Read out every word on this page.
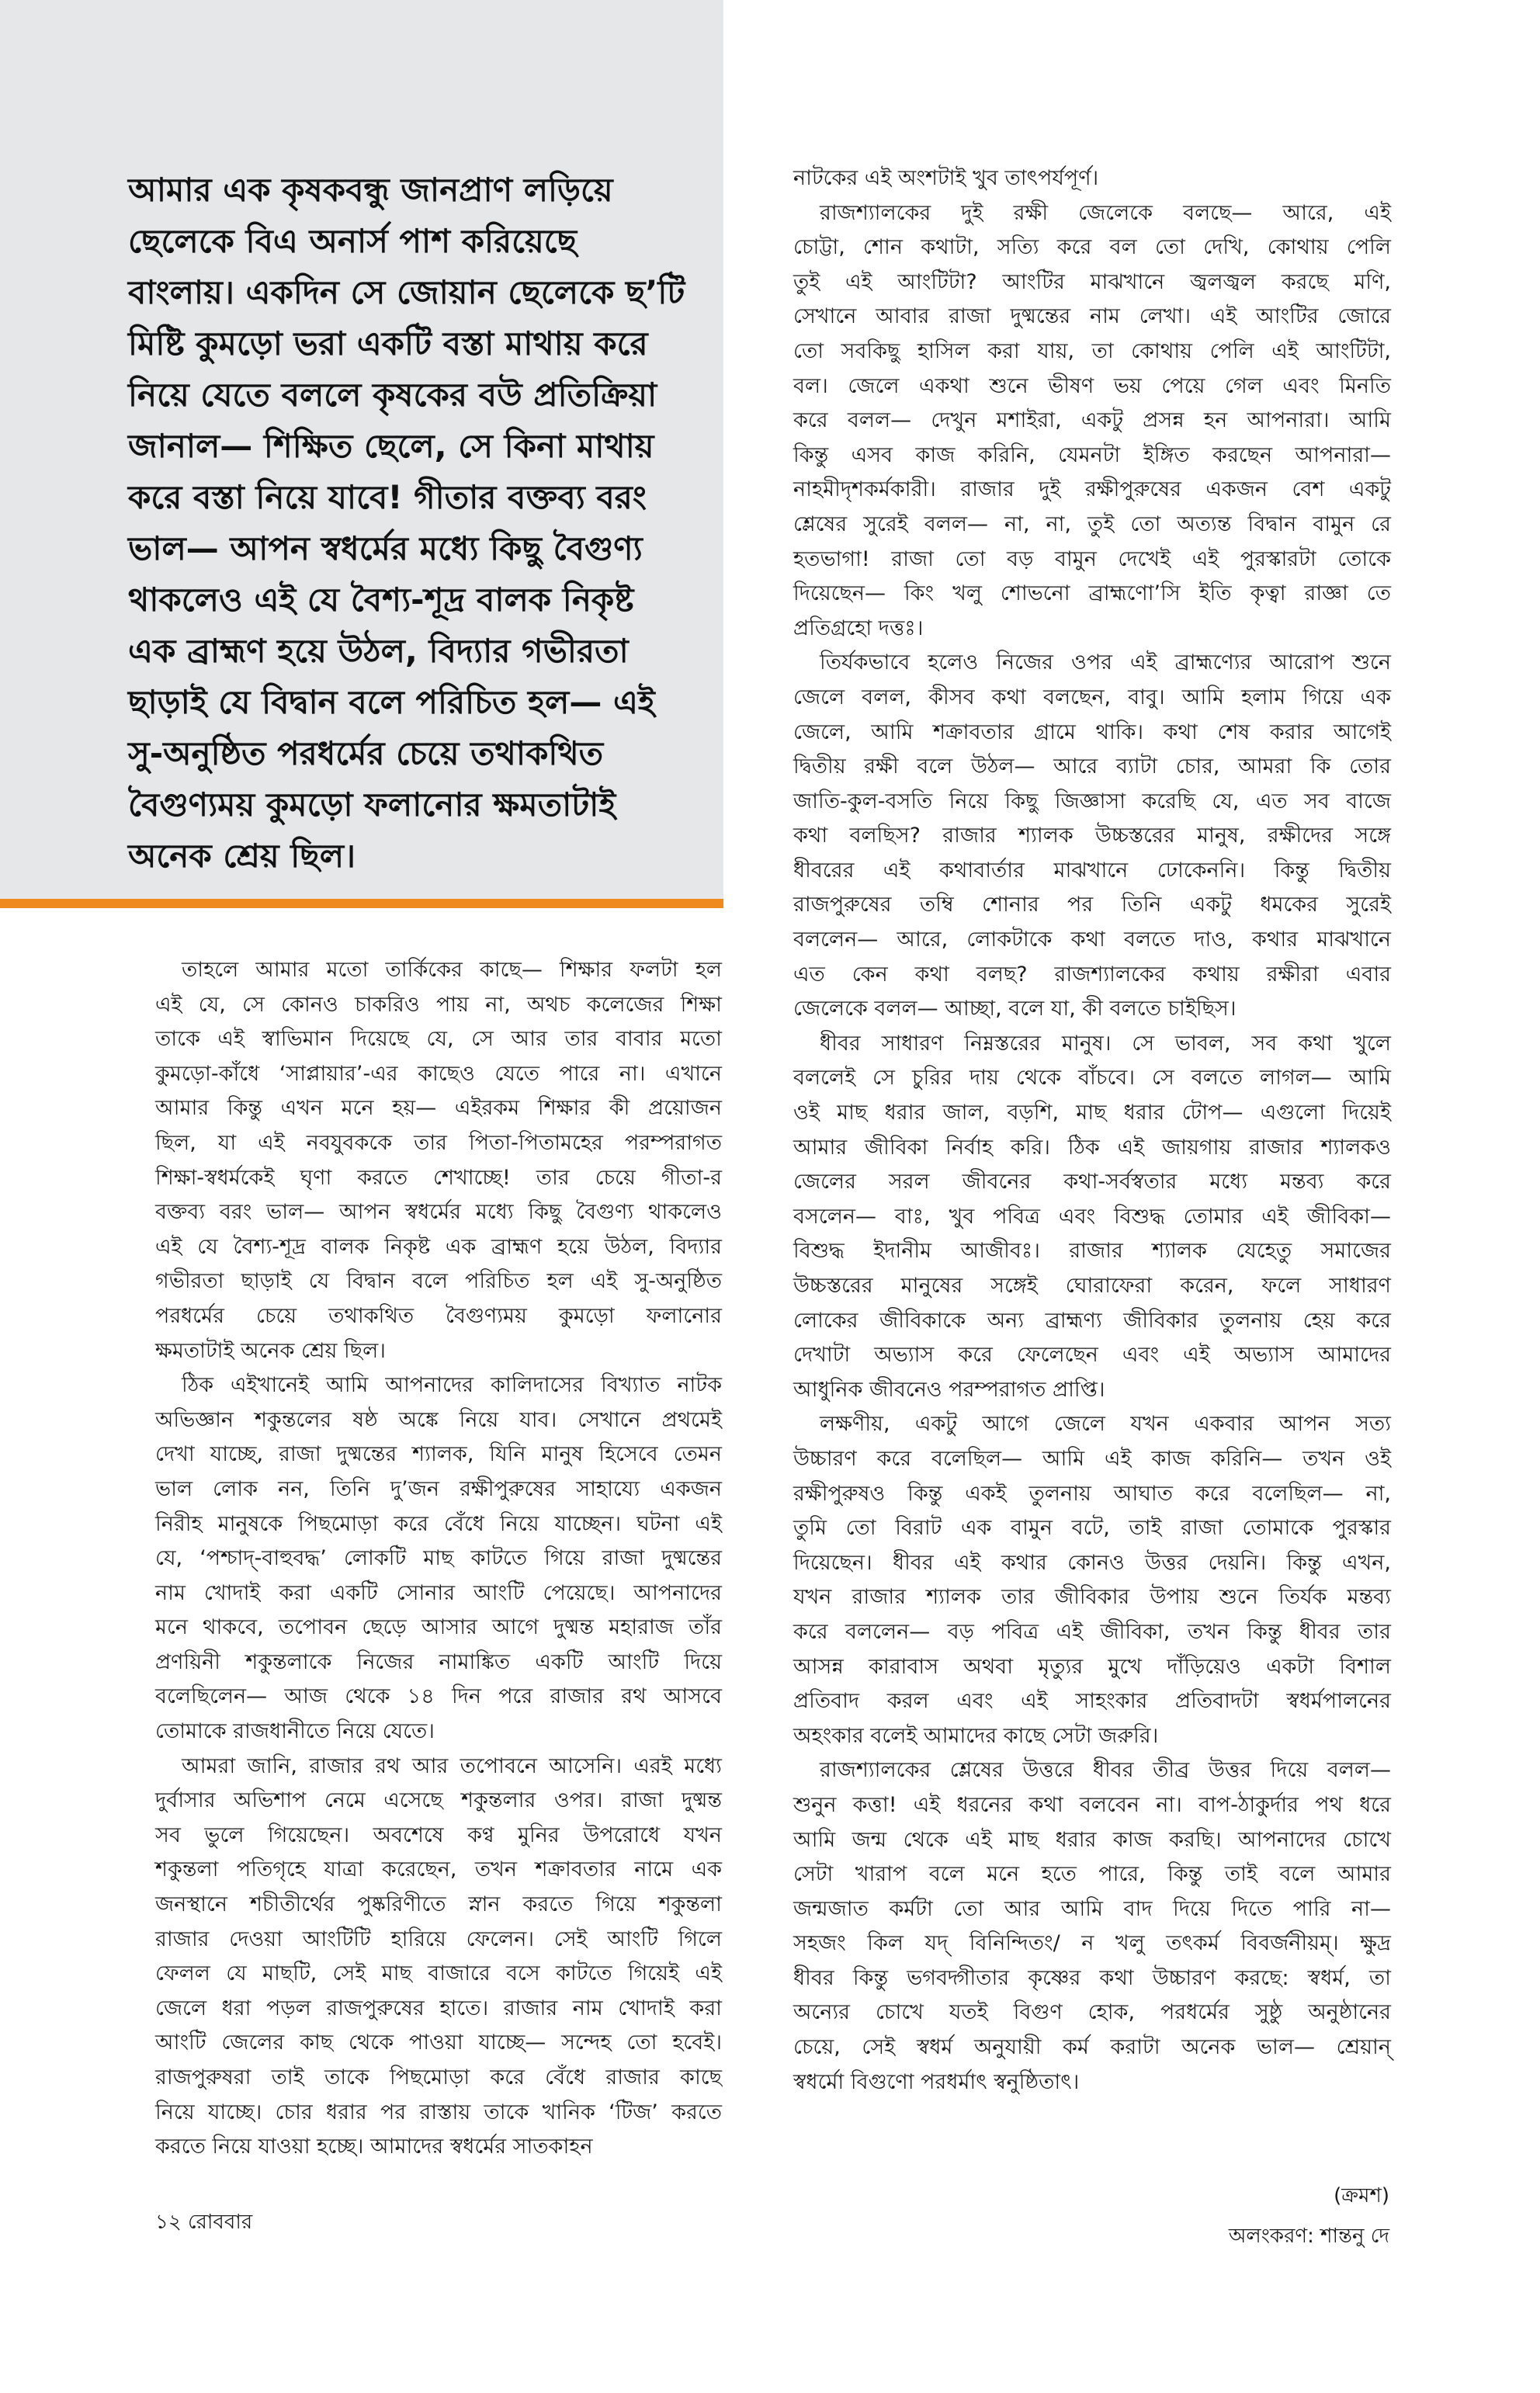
আমার এক কৃষকবন্ধু জানপ্রাণ লড়িয়ে
ছেলেকে বিএ অনার্স পাশ করিয়েছে
বাংলায়। একদিন সে জোয়ান ছেলেকে ছ’টি
মিষ্টি কুমড়ো ভরা একটি বস্তা মাথায় করে
নিয়ে যেতে বললে কৃষকের বউ প্রতিক্রিয়া
জানাল— শিক্ষিত ছেলে, সে কিনা মাথায়
করে বস্তা নিয়ে যাবে! গীতার বক্তব্য বরং
ভাল— আপন স্বধর্মের মধ্যে কিছু বৈগুণ্য
থাকলেও এই যে বৈশ্য-শূদ্র বালক নিকৃষ্ট
এক ব্রাহ্মণ হয়ে উঠল, বিদ্যার গভীরতা
ছাড়াই যে বিদ্বান বলে পরিচিত হল— এই
সু-অনুষ্ঠিত পরধর্মের চেয়ে তথাকথিত
বৈগুণ্যময় কুমড়ো ফলানোর ক্ষমতাটাই
অনেক শ্রেয় ছিল।
তাহলে আমার মতো তার্কিকের কাছে— শিক্ষার ফলটা হল
এই যে, সে কোনও চাকরিও পায় না, অথচ কলেজের শিক্ষা
তাকে এই স্বাভিমান দিয়েছে যে, সে আর তার বাবার মতো
কুমড়ো-কাঁধে ‘সাপ্লায়ার’-এর কাছেও যেতে পারে না। এখানে
আমার কিন্তু এখন মনে হয়— এইরকম শিক্ষার কী প্রয়োজন
ছিল, যা এই নবযুবককে তার পিতা-পিতামহের পরম্পরাগত
শিক্ষা-স্বধর্মকেই ঘৃণা করতে শেখাচ্ছে! তার চেয়ে গীতা-র
বক্তব্য বরং ভাল— আপন স্বধর্মের মধ্যে কিছু বৈগুণ্য থাকলেও
এই যে বৈশ্য-শূদ্র বালক নিকৃষ্ট এক ব্রাহ্মণ হয়ে উঠল, বিদ্যার
গভীরতা ছাড়াই যে বিদ্বান বলে পরিচিত হল এই সু-অনুষ্ঠিত
পরধর্মের চেয়ে তথাকথিত বৈগুণ্যময় কুমড়ো ফলানোর
ক্ষমতাটাই অনেক শ্রেয় ছিল।
ঠিক এইখানেই আমি আপনাদের কালিদাসের বিখ্যাত নাটক
অভিজ্ঞান শকুন্তলের ষষ্ঠ অঙ্কে নিয়ে যাব। সেখানে প্রথমেই
দেখা যাচ্ছে, রাজা দুষ্মন্তের শ্যালক, যিনি মানুষ হিসেবে তেমন
ভাল লোক নন, তিনি দু’জন রক্ষীপুরুষের সাহায্যে একজন
নিরীহ মানুষকে পিছমোড়া করে বেঁধে নিয়ে যাচ্ছেন। ঘটনা এই
যে, ‘পশ্চাদ্-বাহুবদ্ধ’ লোকটি মাছ কাটতে গিয়ে রাজা দুষ্মন্তের
নাম খোদাই করা একটি সোনার আংটি পেয়েছে। আপনাদের
মনে থাকবে, তপোবন ছেড়ে আসার আগে দুষ্মন্ত মহারাজ তাঁর
প্রণয়িনী শকুন্তলাকে নিজের নামাঙ্কিত একটি আংটি দিয়ে
বলেছিলেন— আজ থেকে ১৪ দিন পরে রাজার রথ আসবে
তোমাকে রাজধানীতে নিয়ে যেতে।
আমরা জানি, রাজার রথ আর তপোবনে আসেনি। এরই মধ্যে
দুর্বাসার অভিশাপ নেমে এসেছে শকুন্তলার ওপর। রাজা দুষ্মন্ত
সব ভুলে গিয়েছেন। অবশেষে কণ্ব মুনির উপরোধে যখন
শকুন্তলা পতিগৃহে যাত্রা করেছেন, তখন শক্রাবতার নামে এক
জনস্থানে শচীতীর্থের পুষ্করিণীতে স্নান করতে গিয়ে শকুন্তলা
রাজার দেওয়া আংটিটি হারিয়ে ফেলেন। সেই আংটি গিলে
ফেলল যে মাছটি, সেই মাছ বাজারে বসে কাটতে গিয়েই এই
জেলে ধরা পড়ল রাজপুরুষের হাতে। রাজার নাম খোদাই করা
আংটি জেলের কাছ থেকে পাওয়া যাচ্ছে— সন্দেহ তো হবেই।
রাজপুরুষরা তাই তাকে পিছমোড়া করে বেঁধে রাজার কাছে
নিয়ে যাচ্ছে। চোর ধরার পর রাস্তায় তাকে খানিক ‘টিজ’ করতে
করতে নিয়ে যাওয়া হচ্ছে। আমাদের স্বধর্মের সাতকাহন
নাটকের এই অংশটাই খুব তাৎপর্যপূর্ণ।
রাজশ্যালকের দুই রক্ষী জেলেকে বলছে— আরে, এই
চোট্টা, শোন কথাটা, সত্যি করে বল তো দেখি, কোথায় পেলি
তুই এই আংটিটা? আংটির মাঝখানে জ্বলজ্বল করছে মণি,
সেখানে আবার রাজা দুষ্মন্তের নাম লেখা। এই আংটির জোরে
তো সবকিছু হাসিল করা যায়, তা কোথায় পেলি এই আংটিটা,
বল। জেলে একথা শুনে ভীষণ ভয় পেয়ে গেল এবং মিনতি
করে বলল— দেখুন মশাইরা, একটু প্রসন্ন হন আপনারা। আমি
কিন্তু এসব কাজ করিনি, যেমনটা ইঙ্গিত করছেন আপনারা—
নাহমীদৃশকর্মকারী। রাজার দুই রক্ষীপুরুষের একজন বেশ একটু
শ্লেষের সুরেই বলল— না, না, তুই তো অত্যন্ত বিদ্বান বামুন রে
হতভাগা! রাজা তো বড় বামুন দেখেই এই পুরস্কারটা তোকে
দিয়েছেন— কিং খলু শোভনো ব্রাহ্মণো’সি ইতি কৃত্বা রাজ্ঞা তে
প্রতিগ্রহো দত্তঃ।
তির্যকভাবে হলেও নিজের ওপর এই ব্রাহ্মণ্যের আরোপ শুনে
জেলে বলল, কীসব কথা বলছেন, বাবু। আমি হলাম গিয়ে এক
জেলে, আমি শক্রাবতার গ্রামে থাকি। কথা শেষ করার আগেই
দ্বিতীয় রক্ষী বলে উঠল— আরে ব্যাটা চোর, আমরা কি তোর
জাতি-কুল-বসতি নিয়ে কিছু জিজ্ঞাসা করেছি যে, এত সব বাজে
কথা বলছিস? রাজার শ্যালক উচ্চস্তরের মানুষ, রক্ষীদের সঙ্গে
ধীবরের এই কথাবার্তার মাঝখানে ঢোকেননি। কিন্তু দ্বিতীয়
রাজপুরুষের তম্বি শোনার পর তিনি একটু ধমকের সুরেই
বললেন— আরে, লোকটাকে কথা বলতে দাও, কথার মাঝখানে
এত কেন কথা বলছ? রাজশ্যালকের কথায় রক্ষীরা এবার
জেলেকে বলল— আচ্ছা, বলে যা, কী বলতে চাইছিস।
ধীবর সাধারণ নিম্নস্তরের মানুষ। সে ভাবল, সব কথা খুলে
বললেই সে চুরির দায় থেকে বাঁচবে। সে বলতে লাগল— আমি
ওই মাছ ধরার জাল, বড়শি, মাছ ধরার টোপ— এগুলো দিয়েই
আমার জীবিকা নির্বাহ করি। ঠিক এই জায়গায় রাজার শ্যালকও
জেলের সরল জীবনের কথা-সর্বস্বতার মধ্যে মন্তব্য করে
বসলেন— বাঃ, খুব পবিত্র এবং বিশুদ্ধ তোমার এই জীবিকা—
বিশুদ্ধ ইদানীম আজীবঃ। রাজার শ্যালক যেহেতু সমাজের
উচ্চস্তরের মানুষের সঙ্গেই ঘোরাফেরা করেন, ফলে সাধারণ
লোকের জীবিকাকে অন্য ব্রাহ্মণ্য জীবিকার তুলনায় হেয় করে
দেখাটা অভ্যাস করে ফেলেছেন এবং এই অভ্যাস আমাদের
আধুনিক জীবনেও পরম্পরাগত প্রাপ্তি।
লক্ষণীয়, একটু আগে জেলে যখন একবার আপন সত্য
উচ্চারণ করে বলেছিল— আমি এই কাজ করিনি— তখন ওই
রক্ষীপুরুষও কিন্তু একই তুলনায় আঘাত করে বলেছিল— না,
তুমি তো বিরাট এক বামুন বটে, তাই রাজা তোমাকে পুরস্কার
দিয়েছেন। ধীবর এই কথার কোনও উত্তর দেয়নি। কিন্তু এখন,
যখন রাজার শ্যালক তার জীবিকার উপায় শুনে তির্যক মন্তব্য
করে বললেন— বড় পবিত্র এই জীবিকা, তখন কিন্তু ধীবর তার
আসন্ন কারাবাস অথবা মৃত্যুর মুখে দাঁড়িয়েও একটা বিশাল
প্রতিবাদ করল এবং এই সাহংকার প্রতিবাদটা স্বধর্মপালনের
অহংকার বলেই আমাদের কাছে সেটা জরুরি।
রাজশ্যালকের শ্লেষের উত্তরে ধীবর তীব্র উত্তর দিয়ে বলল—
শুনুন কত্তা! এই ধরনের কথা বলবেন না। বাপ-ঠাকুর্দার পথ ধরে
আমি জন্ম থেকে এই মাছ ধরার কাজ করছি। আপনাদের চোখে
সেটা খারাপ বলে মনে হতে পারে, কিন্তু তাই বলে আমার
জন্মজাত কর্মটা তো আর আমি বাদ দিয়ে দিতে পারি না—
সহজং কিল যদ্ বিনিন্দিতং/ ন খলু তৎকর্ম বিবর্জনীয়ম্। ক্ষুদ্র
ধীবর কিন্তু ভগবদ্গীতার কৃষ্ণের কথা উচ্চারণ করছে: স্বধর্ম, তা
অন্যের চোখে যতই বিগুণ হোক, পরধর্মের সুষ্ঠু অনুষ্ঠানের
চেয়ে, সেই স্বধর্ম অনুযায়ী কর্ম করাটা অনেক ভাল— শ্রেয়ান্
স্বধর্মো বিগুণো পরধর্মাৎ স্বনুষ্ঠিতাৎ।
(ক্রমশ)
অলংকরণ: শান্তনু দে
১২ রোববার
